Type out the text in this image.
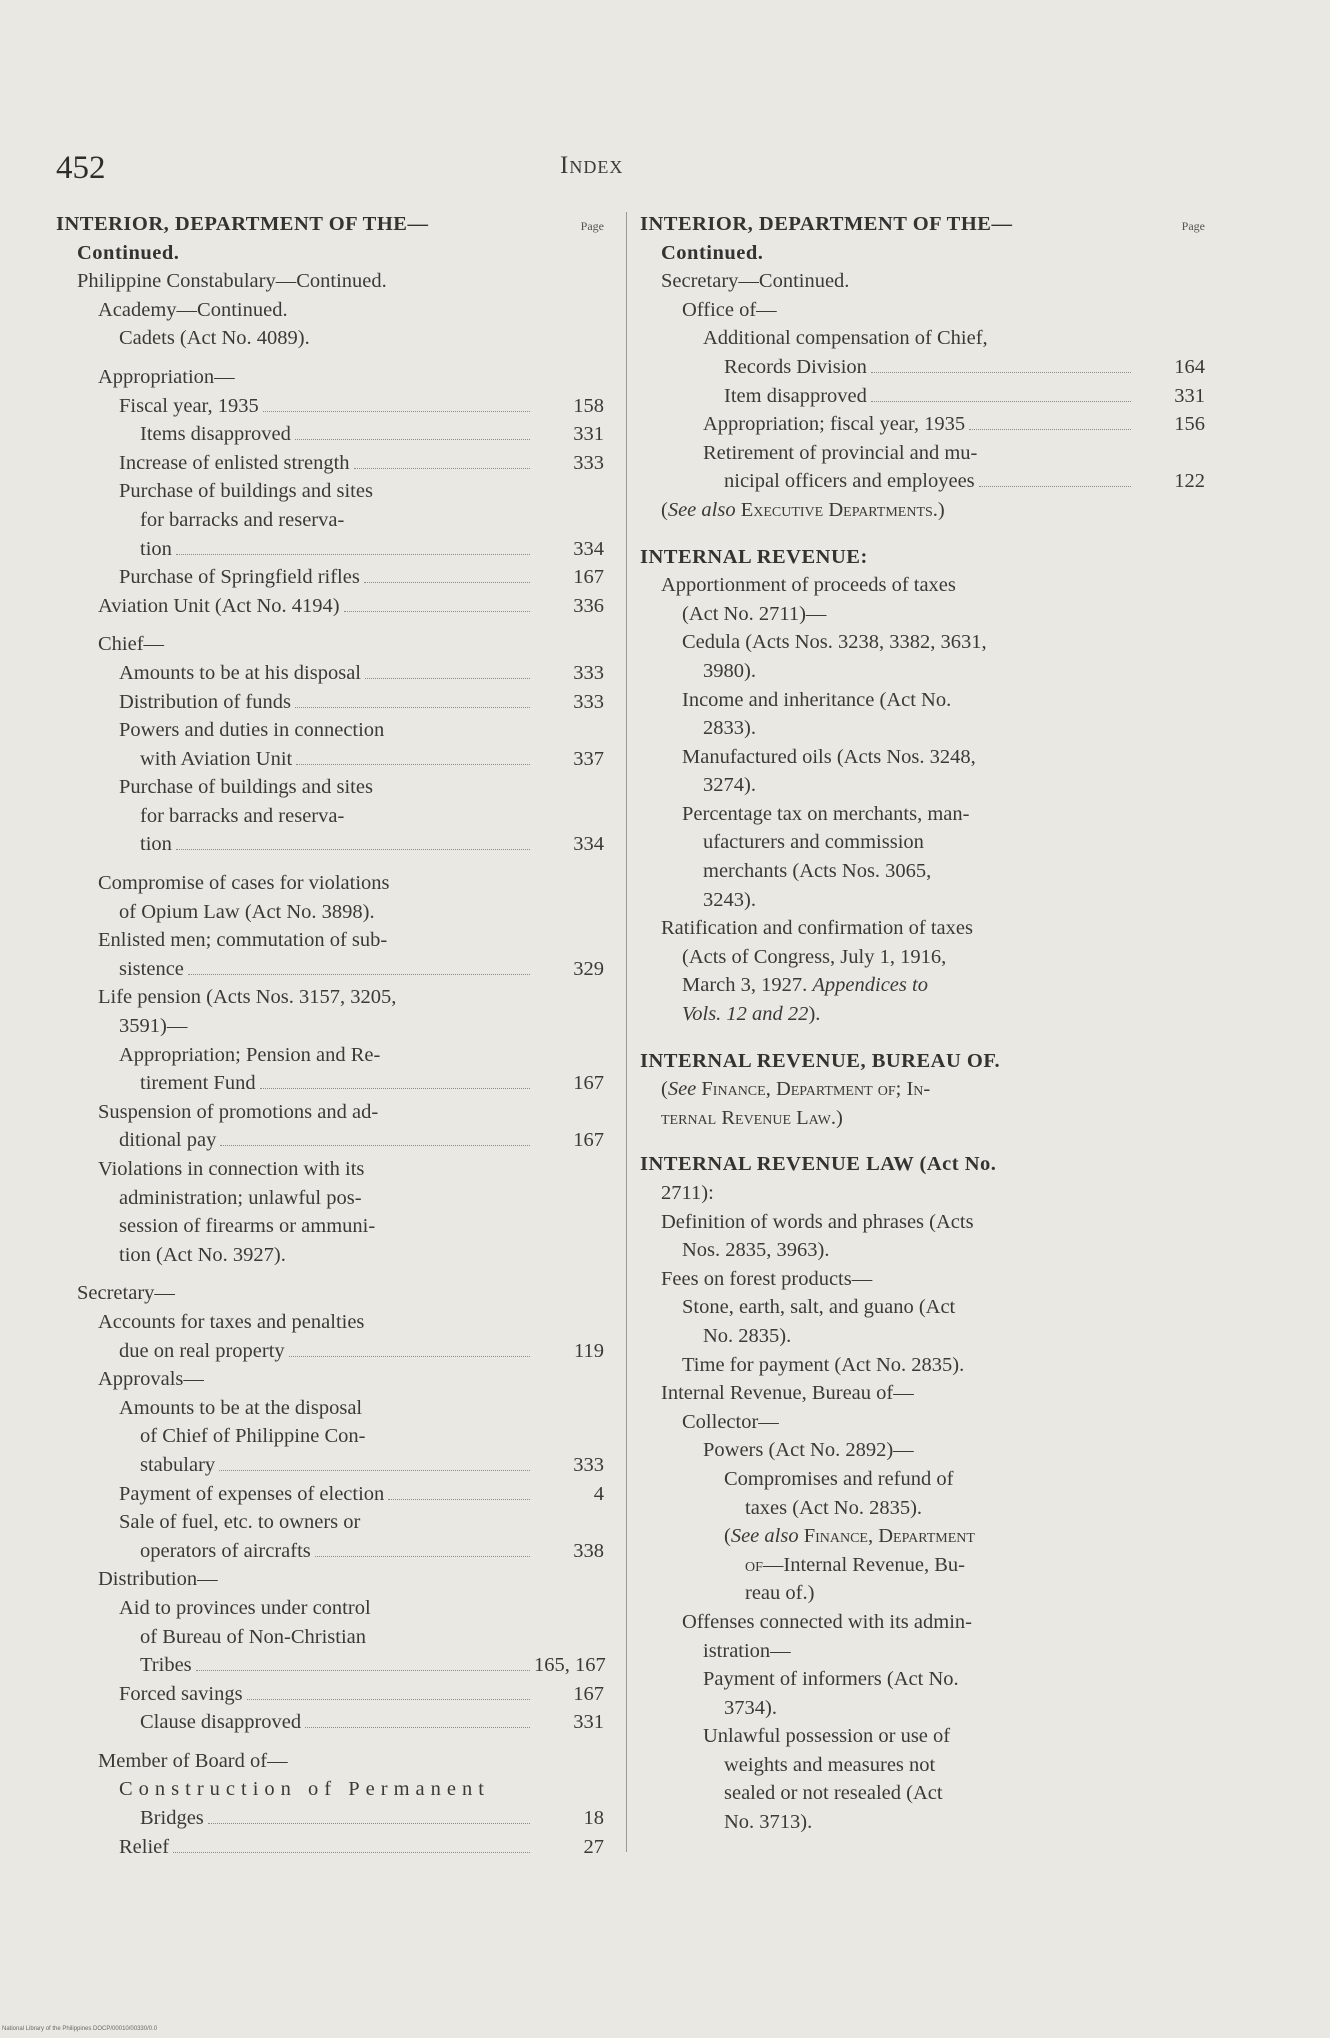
452	Index
Page
INTERIOR, DEPARTMENT OF THE—
Continued.
Philippine Constabulary—Continued.
Academy—Continued.
Cadets (Act No. 4089).
Appropriation—
Fiscal year, 1935	158
Items disapproved	331
Increase of enlisted strength	333
Purchase of buildings and sites
for barracks and reserva-
tion	334
Purchase of Springfield rifles	167
Aviation Unit (Act No. 4194)	336
Chief—
Amounts to be at his disposal	333
Distribution of funds	333
Powers and duties in connection
with Aviation Unit	337
Purchase of buildings and sites
for barracks and reserva-
tion	334
Compromise of cases for violations
of Opium Law (Act No. 3898).
Enlisted men; commutation of sub-
sistence	329
Life pension (Acts Nos. 3157, 3205,
3591)—
Appropriation; Pension and Re-
tirement Fund	167
Suspension of promotions and ad-
ditional pay	167
Violations in connection with its
administration; unlawful pos-
session of firearms or ammuni-
tion (Act No. 3927).
Secretary—
Accounts for taxes and penalties
due on real property	119
Approvals—
Amounts to be at the disposal
of Chief of Philippine Con-
stabulary	333
Payment of expenses of election	4
Sale of fuel, etc. to owners or
operators of aircrafts	338
Distribution—
Aid to provinces under control
of Bureau of Non-Christian
Tribes	165, 167
Forced savings	167
Clause disapproved	331
Member of Board of—
Construction of Permanent
Bridges	18
Relief	27
Page
INTERIOR, DEPARTMENT OF THE—
Continued.
Secretary—Continued.
Office of—
Additional compensation of Chief,
Records Division	164
Item disapproved	331
Appropriation; fiscal year, 1935	156
Retirement of provincial and mu-
nicipal officers and employees	122
(See also Executive Departments.)
INTERNAL REVENUE:
Apportionment of proceeds of taxes
(Act No. 2711)—
Cedula (Acts Nos. 3238, 3382, 3631,
3980).
Income and inheritance (Act No.
2833).
Manufactured oils (Acts Nos. 3248,
3274).
Percentage tax on merchants, man-
ufacturers and commission
merchants (Acts Nos. 3065,
3243).
Ratification and confirmation of taxes
(Acts of Congress, July 1, 1916,
March 3, 1927. Appendices to
Vols. 12 and 22).
INTERNAL REVENUE, BUREAU OF.
(See Finance, Department of; In-
ternal Revenue Law.)
INTERNAL REVENUE LAW (Act No.
2711):
Definition of words and phrases (Acts
Nos. 2835, 3963).
Fees on forest products—
Stone, earth, salt, and guano (Act
No. 2835).
Time for payment (Act No. 2835).
Internal Revenue, Bureau of—
Collector—
Powers (Act No. 2892)—
Compromises and refund of
taxes (Act No. 2835).
(See also Finance, Department
of—Internal Revenue, Bu-
reau of.)
Offenses connected with its admin-
istration—
Payment of informers (Act No.
3734).
Unlawful possession or use of
weights and measures not
sealed or not resealed (Act
No. 3713).
National Library of the Philippines DOCP/00010/00330/0.0
